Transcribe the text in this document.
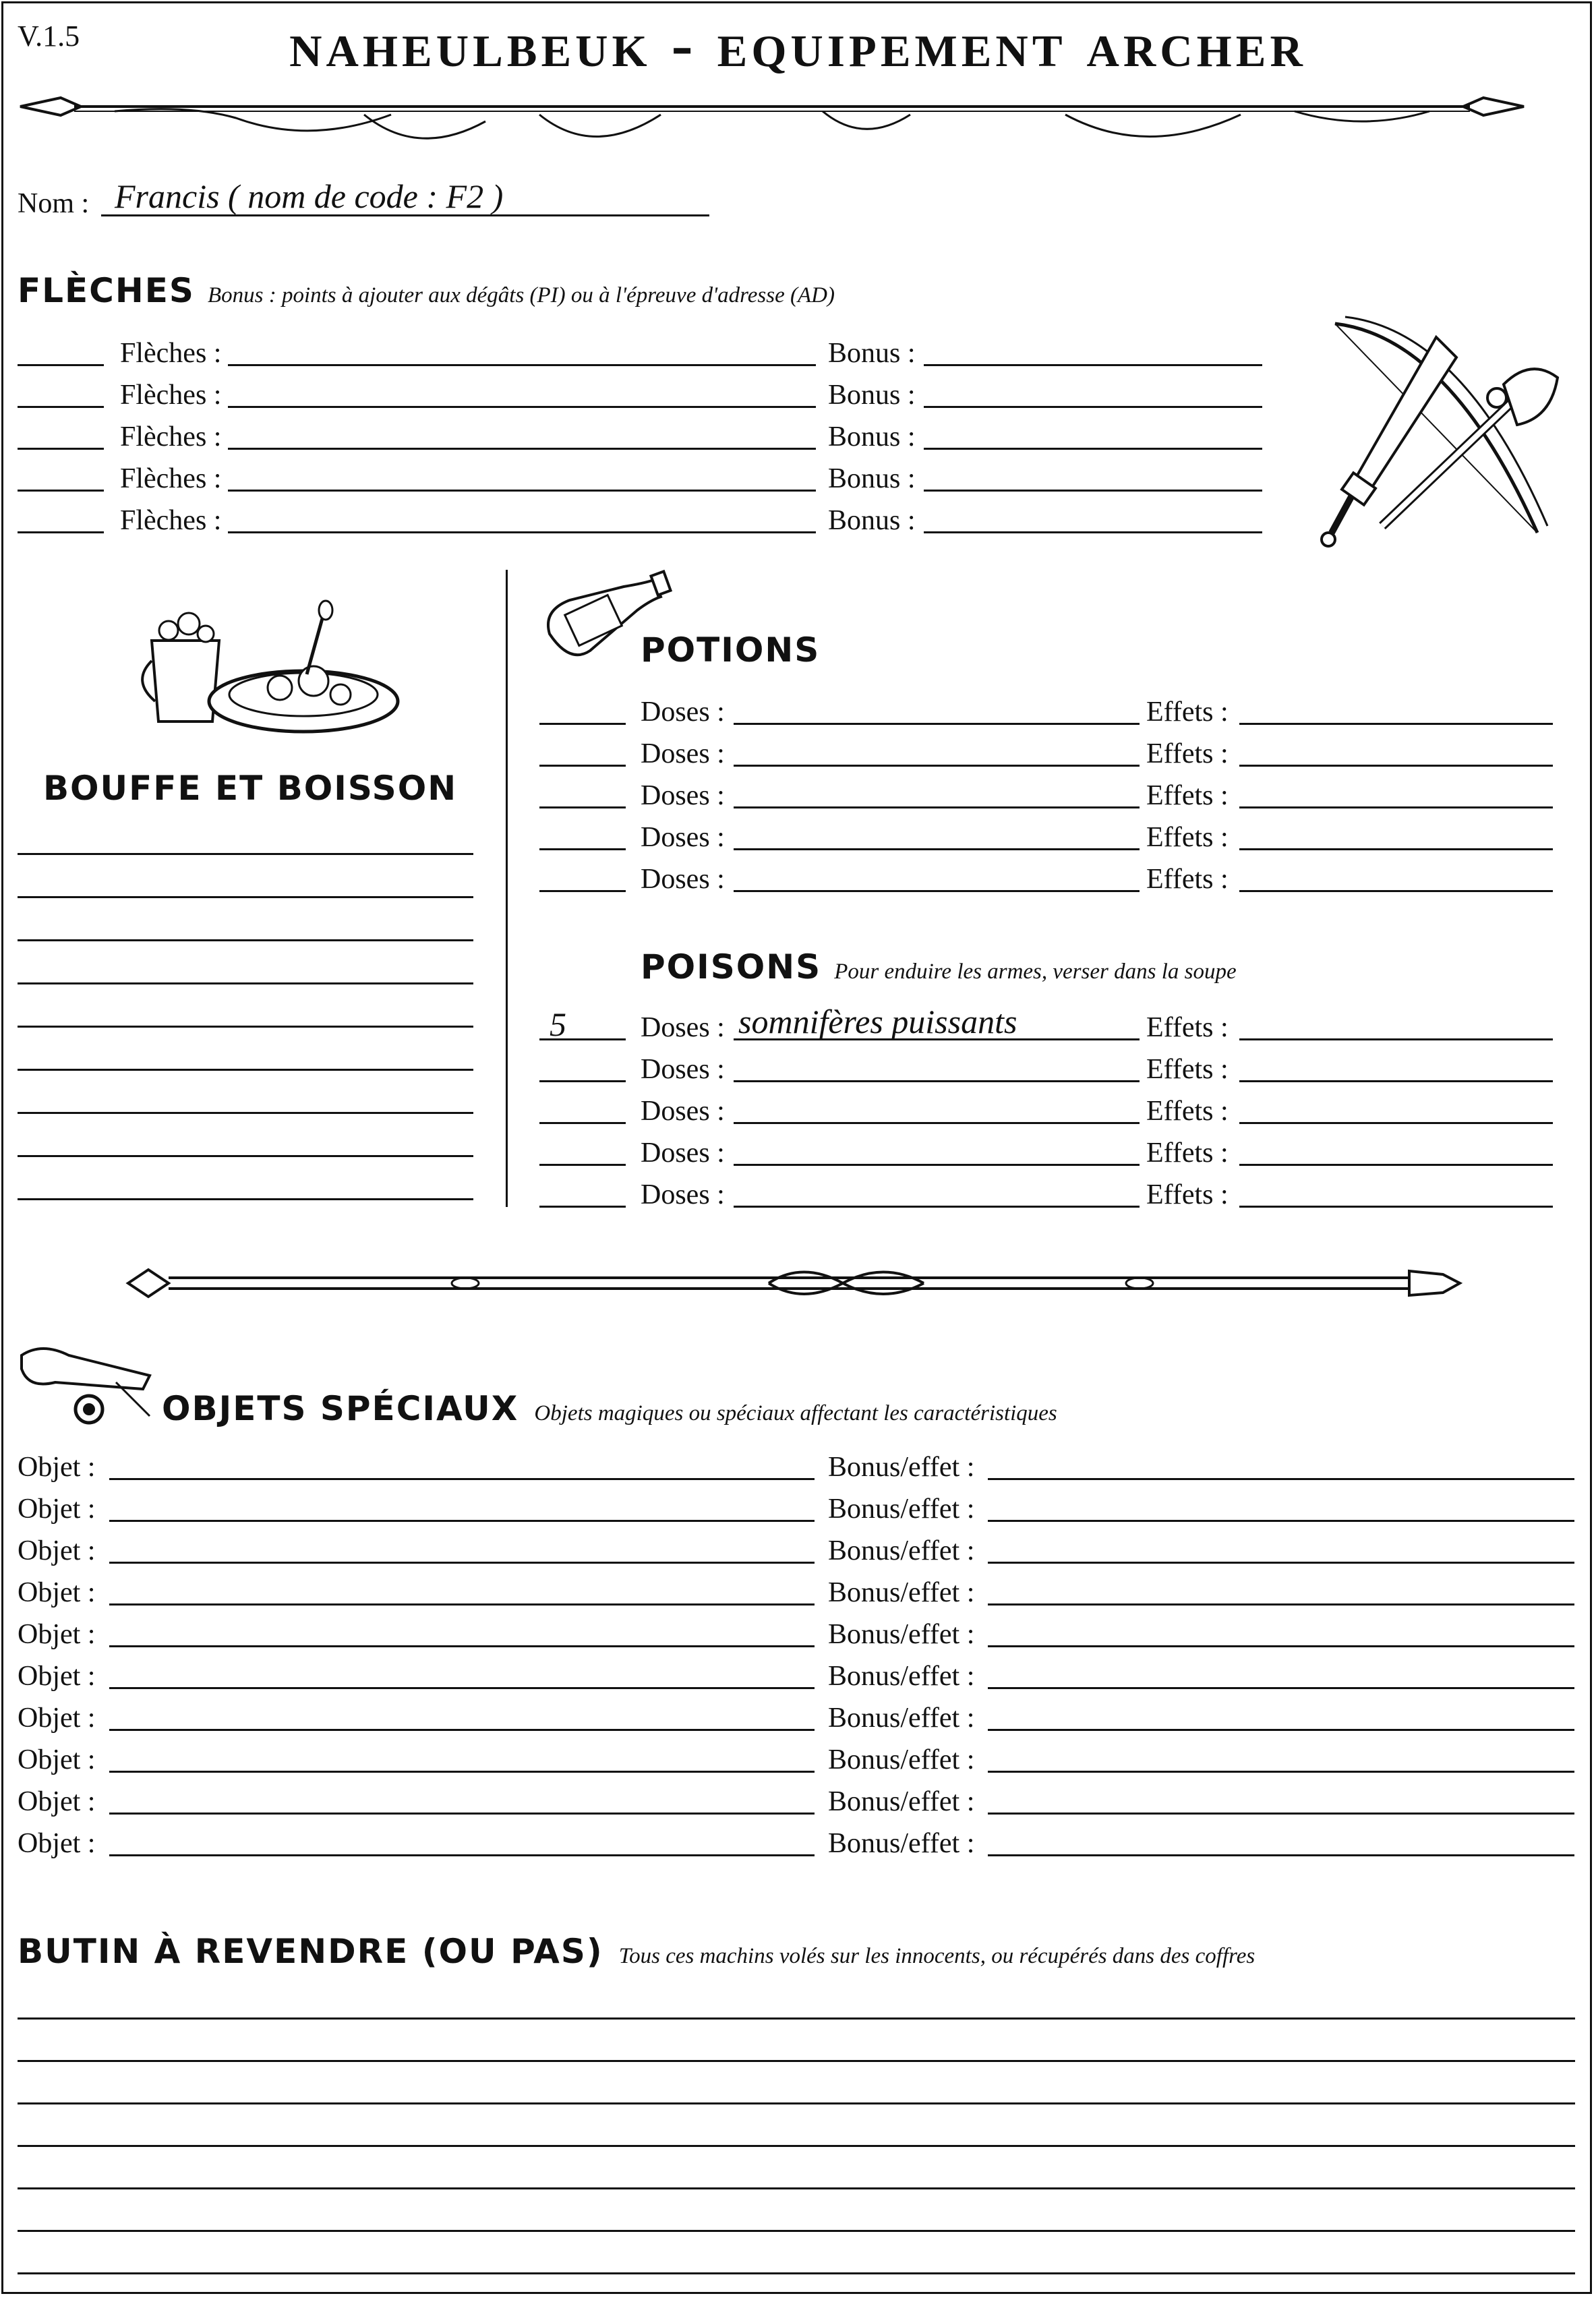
V.1.5	naheulbeuk - equipement archer
Nom : Francis ( nom de code : F2 )
FLÈCHES Bonus : points à ajouter aux dégâts (PI) ou à l'épreuve d'adresse (AD)
Flèches :	Bonus :
Flèches :	Bonus :
Flèches :	Bonus :
Flèches :	Bonus :
Flèches :	Bonus :
BOUFFE ET BOISSON
POTIONS
Doses :	Effets :
Doses :	Effets :
Doses :	Effets :
Doses :	Effets :
Doses :	Effets :
POISONS Pour enduire les armes, verser dans la soupe
5	Doses : somnifères puissants	Effets :
Doses :	Effets :
Doses :	Effets :
Doses :	Effets :
Doses :	Effets :
OBJETS SPÉCIAUX Objets magiques ou spéciaux affectant les caractéristiques
Objet :	Bonus/effet :
Objet :	Bonus/effet :
Objet :	Bonus/effet :
Objet :	Bonus/effet :
Objet :	Bonus/effet :
Objet :	Bonus/effet :
Objet :	Bonus/effet :
Objet :	Bonus/effet :
Objet :	Bonus/effet :
Objet :	Bonus/effet :
BUTIN À REVENDRE (OU PAS) Tous ces machins volés sur les innocents, ou récupérés dans des coffres
